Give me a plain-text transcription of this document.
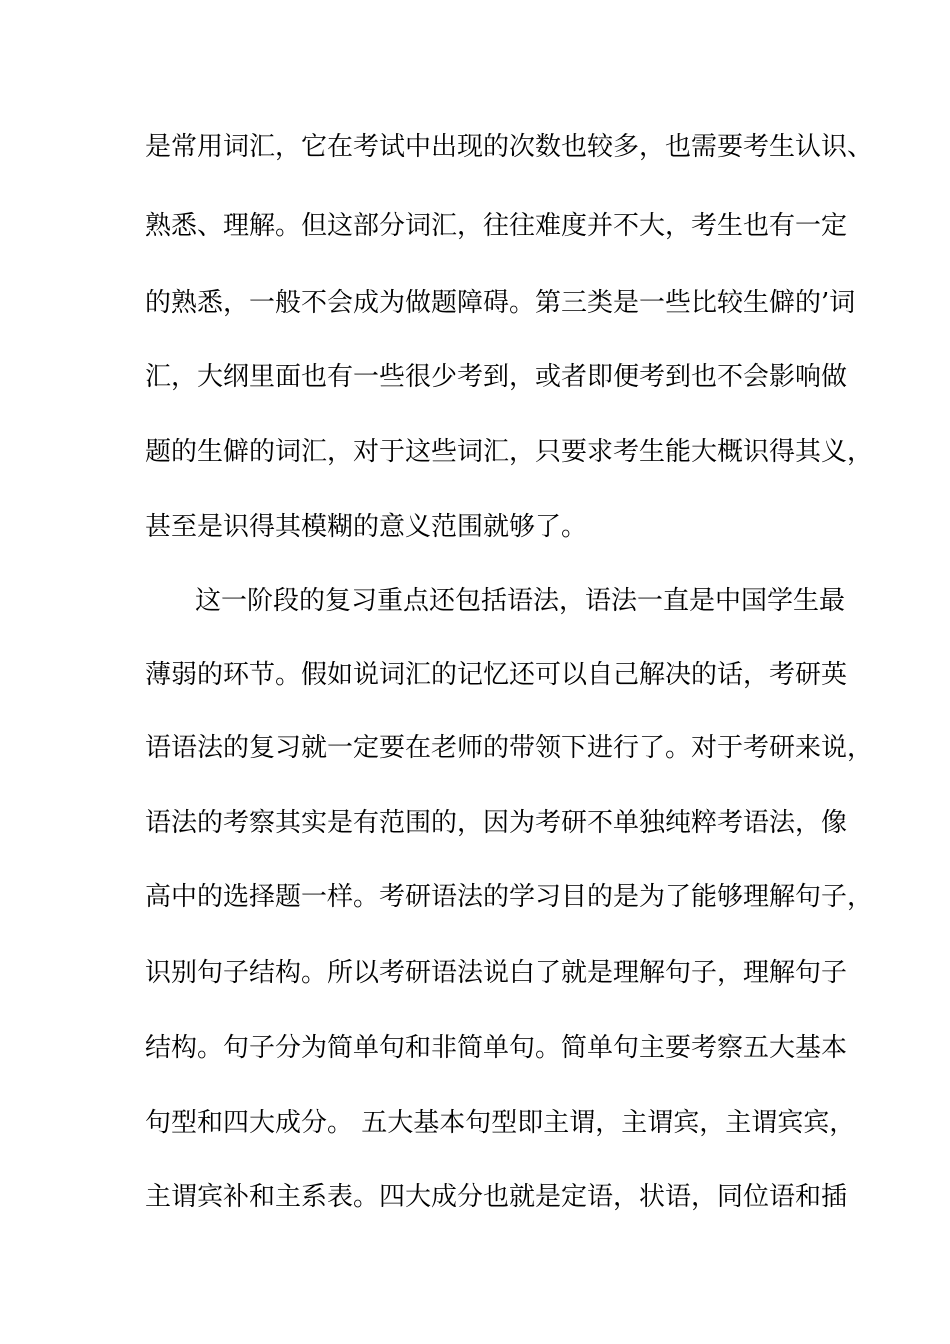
是常用词汇，它在考试中出现的次数也较多，也需要考生认识、

熟悉、理解。但这部分词汇，往往难度并不大，考生也有一定

的熟悉，一般不会成为做题障碍。第三类是一些比较生僻的’词

汇，大纲里面也有一些很少考到，或者即便考到也不会影响做

题的生僻的词汇，对于这些词汇，只要求考生能大概识得其义，

甚至是识得其模糊的意义范围就够了。

这一阶段的复习重点还包括语法，语法一直是中国学生最

薄弱的环节。假如说词汇的记忆还可以自己解决的话，考研英

语语法的复习就一定要在老师的带领下进行了。对于考研来说，

语法的考察其实是有范围的，因为考研不单独纯粹考语法，像

高中的选择题一样。考研语法的学习目的是为了能够理解句子，

识别句子结构。所以考研语法说白了就是理解句子，理解句子

结构。句子分为简单句和非简单句。简单句主要考察五大基本

句型和四大成分。 五大基本句型即主谓，主谓宾，主谓宾宾，

主谓宾补和主系表。四大成分也就是定语，状语，同位语和插
